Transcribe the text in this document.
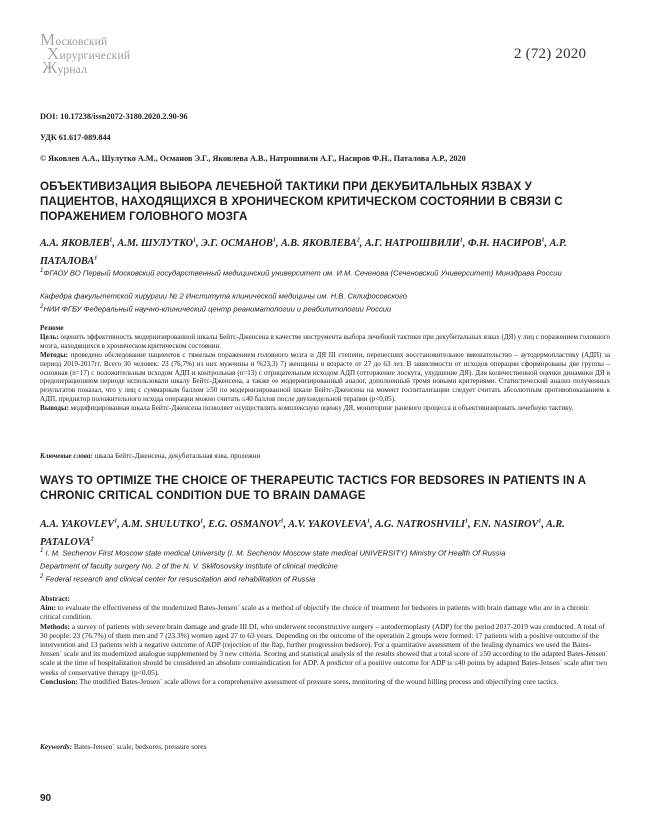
Московский
Хирургический
Журнал
2 (72) 2020
DOI: 10.17238/issn2072-3180.2020.2.90-96
УДК 61.617-089.844
© Яковлев А.А., Шулутко А.М., Османов Э.Г., Яковлева А.В., Натрошвили А.Г., Насиров Ф.Н., Паталова А.Р., 2020
ОБЪЕКТИВИЗАЦИЯ ВЫБОРА ЛЕЧЕБНОЙ ТАКТИКИ ПРИ ДЕКУБИТАЛЬНЫХ ЯЗВАХ У ПАЦИЕНТОВ, НАХОДЯЩИХСЯ В ХРОНИЧЕСКОМ КРИТИЧЕСКОМ СОСТОЯНИИ В СВЯЗИ С ПОРАЖЕНИЕМ ГОЛОВНОГО МОЗГА
А.А. ЯКОВЛЕВ$^1$, А.М. ШУЛУТКО$^1$, Э.Г. ОСМАНОВ$^1$, А.В. ЯКОВЛЕВА$^2$, А.Г. НАТРОШВИЛИ$^1$, Ф.Н. НАСИРОВ$^1$, А.Р. ПАТАЛОВА$^1$
$^1$ФГАОУ ВО Первый Московский государственный медицинский университет им. И.М. Сеченова (Сеченовский Университет) Минздрава России
Кафедра факультетской хирургии № 2 Института клинической медицины им. Н.В. Склифосовского
$^2$НИИ ФГБУ Федеральный научно-клинический центр реаниматологии и реабилитологии России

Резюме

Цель: оценить эффективность модернизированной шкалы Бейтс-Дженсена в качестве инструмента выбора лечебной тактики при декубитальных язвах (ДЯ) у лиц с поражением головного мозга, находящихся в хроническом критическом состоянии.

Методы: проведено обследование пациентов с тяжелым поражением головного мозга и ДЯ III степени, перенесших восстановительное вмешательство – аутодермопластику (АДП) за период 2019-2017гг. Всего 30 человек: 23 (76,7%) из них мужчины и %23,3) 7) женщины в возрасте от 27 до 63 лет. В зависимости от исходов операции сформированы две группы – основная (n=17) с положительным исходом АДП и контрольная (n=13) с отрицательным исходом АДП (отторжение лоскута, ухудшение ДЯ). Для количественной оценки динамики ДЯ в предоперационном периоде использовали шкалу Бейтс-Дженсена, а также ее модернизированный аналог, дополненный тремя новыми критериями. Статистический анализ полученных результатов показал, что у лиц с суммарным баллом ≥50 по модернизированной шкале Бейтс-Дженсена на момент госпитализации следует считать абсолютным противопоказанием к АДП, предиктор положительного исхода операции можно считать ≤40 баллов после двухнедельной терапии (p<0,05).

Выводы: модифицированная шкала Бейтс-Дженсена позволяет осуществлять комплексную оценку ДЯ, мониторинг раневого процесса и объективизировать лечебную тактику.

Ключевые слова: шкала Бейтс-Дженсена, декубитальная язва, пролежни
WAYS TO OPTIMIZE THE CHOICE OF THERAPEUTIC TACTICS FOR BEDSORES IN PATIENTS IN A CHRONIC CRITICAL CONDITION DUE TO BRAIN DAMAGE
A.A. YAKOVLEV$^1$, A.M. SHULUTKO$^1$, E.G. OSMANOV$^1$, A.V. YAKOVLEVA$^1$, A.G. NATROSHVILI$^1$, F.N. NASIROV$^1$, A.R. PATALOVA$^2$
$^1$ I. M. Sechenov First Moscow state medical University (I. M. Sechenov Moscow state medical UNIVERSITY) Ministry Of Health Of Russia
Department of faculty surgery No. 2 of the N. V. Sklifosovsky Institute of clinical medicine
$^2$ Federal research and clinical center for resuscitation and rehabilitation of Russia

Abstract:

Aim: to evaluate the effectiveness of the modernized Bates-Jensen` scale as a method of objectify the choice of treatment for bedsores in patients with brain damage who are in a chronic critical condition.

Methods: a survey of patients with severe brain damage and grade III DI, who underwent reconstructive surgery – autodermoplasty (ADP) for the period 2017-2019 was conducted. A total of 30 people: 23 (76.7%) of them men and 7 (23.3%) women aged 27 to 63 years. Depending on the outcome of the operation 2 groups were formed: 17 patients with a positive outcome of the intervention and 13 patients with a negative outcome of ADP (rejection of the flap, further progression bedsore). For a quantitative assessment of the healing dynamics we used the Bates-Jensen` scale and its modernized analogue supplemented by 3 new criteria. Scoring and statistical analysis of the results showed that a total score of ≥50 according to the adapted Bates-Jensen` scale at the time of hospitalization should be considered an absolute contraindication for ADP. A predictor of a positive outcome for ADP is ≤40 points by adapted Bates-Jensen` scale after two weeks of conservative therapy (p<0,05).

Conclusion: The modified Bates-Jensen` scale allows for a comprehensive assessment of pressure sores, monitoring of the wound hilling process and objectifying cure tactics.

Keywords: Bates-Jensen` scale, bedsores, pressure sores
90
